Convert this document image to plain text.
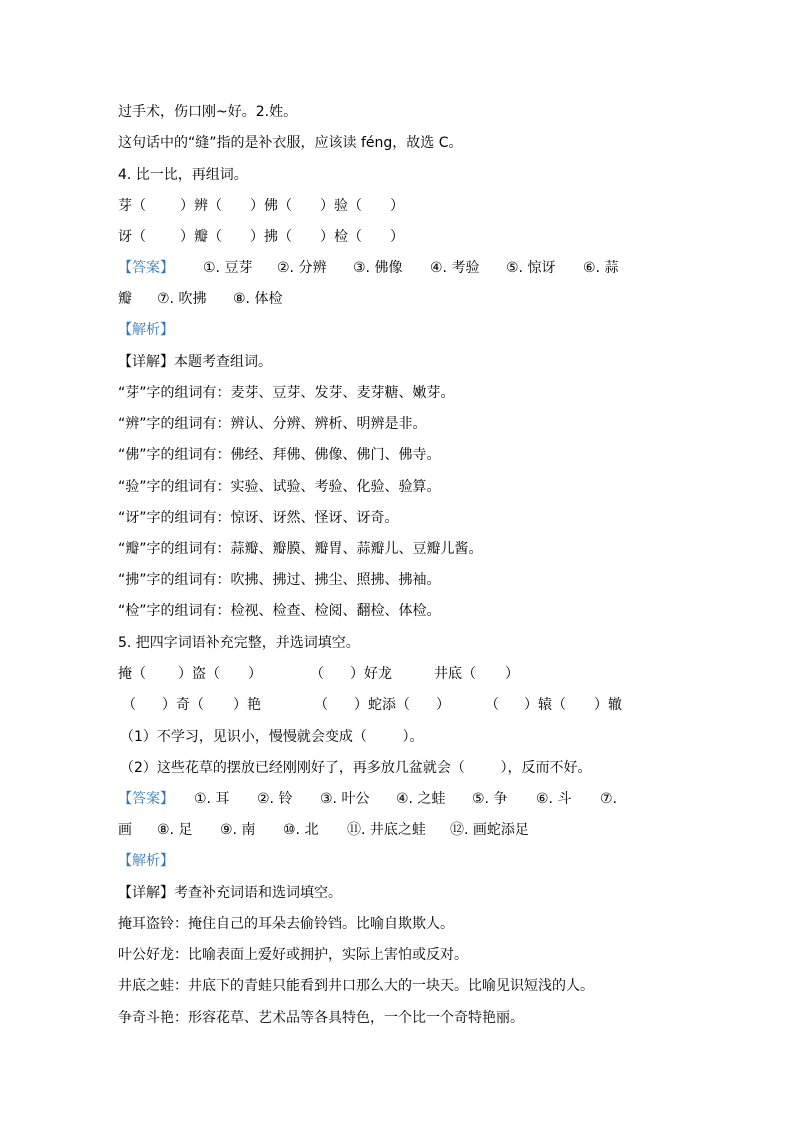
过手术，伤口刚~好。2.姓。
这句话中的“缝”指的是补衣服，应该读 féng，故选 C。
4. 比一比，再组词。
芽（ ）辨（ ）佛（ ）验（ ）
讶（ ）瓣（ ）拂（ ）检（ ）
【答案】 ①. 豆芽 ②. 分辨 ③. 佛像 ④. 考验 ⑤. 惊讶 ⑥. 蒜
瓣 ⑦. 吹拂 ⑧. 体检
【解析】
【详解】本题考查组词。
“芽”字的组词有：麦芽、豆芽、发芽、麦芽糖、嫩芽。
“辨”字的组词有：辨认、分辨、辨析、明辨是非。
“佛”字的组词有：佛经、拜佛、佛像、佛门、佛寺。
“验”字的组词有：实验、试验、考验、化验、验算。
“讶”字的组词有：惊讶、讶然、怪讶、讶奇。
“瓣”字的组词有：蒜瓣、瓣膜、瓣胃、蒜瓣儿、豆瓣儿酱。
“拂”字的组词有：吹拂、拂过、拂尘、照拂、拂袖。
“检”字的组词有：检视、检查、检阅、翻检、体检。
5. 把四字词语补充完整，并选词填空。
掩（ ）盗（ ）	（ ）好龙	井底（ ）
（ ）奇（ ）艳	（ ）蛇添（ ）	（ ）辕（ ）辙
（1）不学习，见识小，慢慢就会变成（        ）。
（2）这些花草的摆放已经刚刚好了，再多放几盆就会（        ），反而不好。
【答案】 ①. 耳 ②. 铃 ③. 叶公 ④. 之蛙 ⑤. 争 ⑥. 斗 ⑦.
画 ⑧. 足 ⑨. 南 ⑩. 北 ⑪. 井底之蛙 ⑫. 画蛇添足
【解析】
【详解】考查补充词语和选词填空。
掩耳盗铃：掩住自己的耳朵去偷铃铛。比喻自欺欺人。
叶公好龙：比喻表面上爱好或拥护，实际上害怕或反对。
井底之蛙：井底下的青蛙只能看到井口那么大的一块天。比喻见识短浅的人。
争奇斗艳：形容花草、艺术品等各具特色，一个比一个奇特艳丽。
